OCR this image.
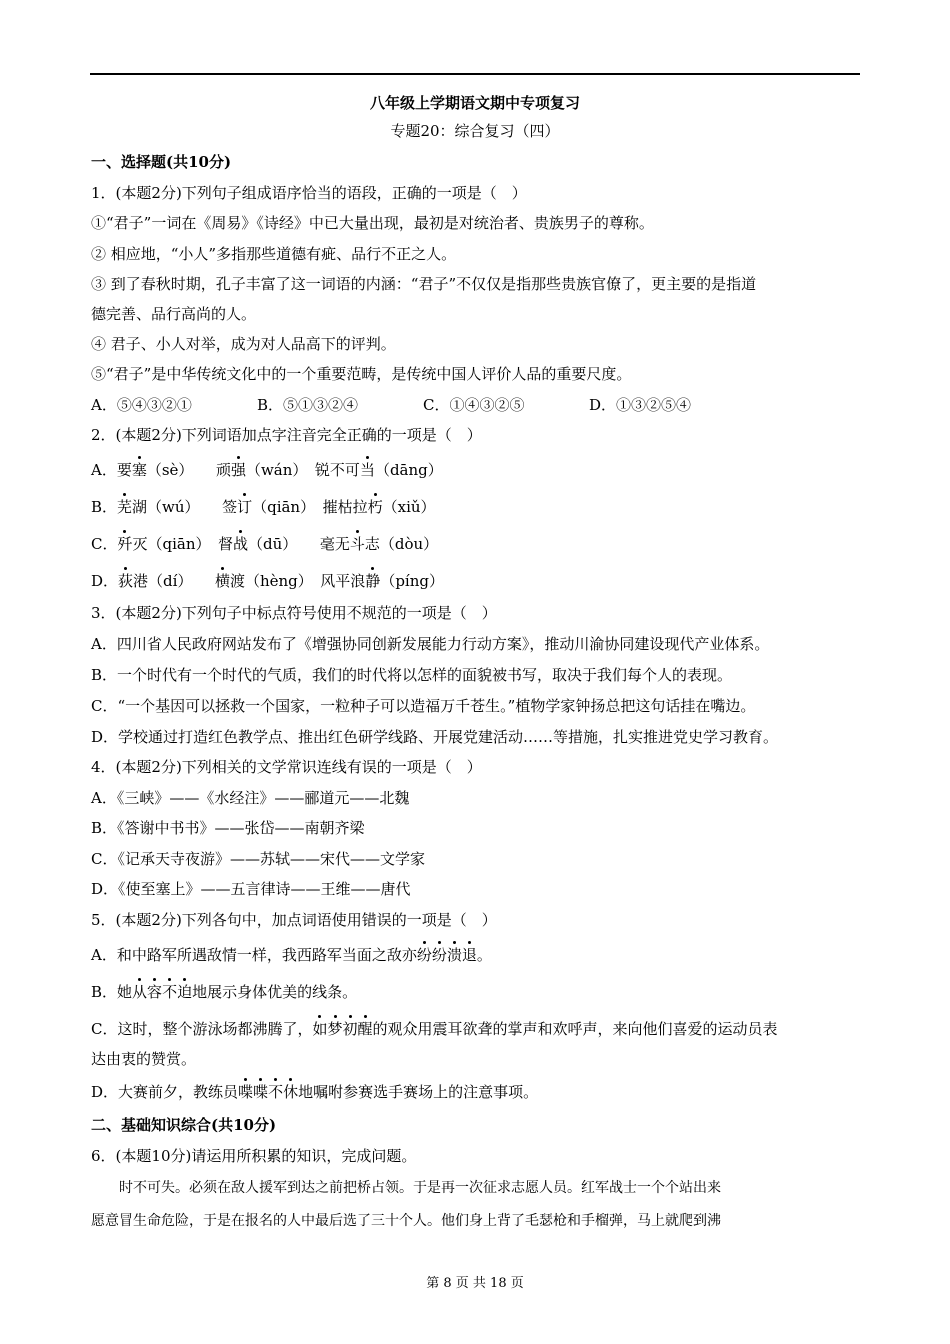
八年级上学期语文期中专项复习
专题20：综合复习（四）
一、选择题(共10分)
1．(本题2分)下列句子组成语序恰当的语段，正确的一项是（　）
①“君子”一词在《周易》《诗经》中已大量出现，最初是对统治者、贵族男子的尊称。
② 相应地，“小人”多指那些道德有疵、品行不正之人。
③ 到了春秋时期，孔子丰富了这一词语的内涵：“君子”不仅仅是指那些贵族官僚了，更主要的是指道
德完善、品行高尚的人。
④ 君子、小人对举，成为对人品高下的评判。
⑤“君子”是中华传统文化中的一个重要范畴，是传统中国人评价人品的重要尺度。
A．⑤④③②①	B．⑤①③②④	C．①④③②⑤	D．①③②⑤④
2．(本题2分)下列词语加点字注音完全正确的一项是（　）
A．要塞（sè）　　顽强（wán）　锐不可当（dāng）
B．芜湖（wú）　　签订（qiān）　摧枯拉朽（xiǔ）
C．歼灭（qiān）　督战（dū）　　毫无斗志（dòu）
D．荻港（dí）　　横渡（hèng）　风平浪静（píng）
3．(本题2分)下列句子中标点符号使用不规范的一项是（　）
A．四川省人民政府网站发布了《增强协同创新发展能力行动方案》，推动川渝协同建设现代产业体系。
B．一个时代有一个时代的气质，我们的时代将以怎样的面貌被书写，取决于我们每个人的表现。
C．“一个基因可以拯救一个国家，一粒种子可以造福万千苍生。”植物学家钟扬总把这句话挂在嘴边。
D．学校通过打造红色教学点、推出红色研学线路、开展党建活动……等措施，扎实推进党史学习教育。
4．(本题2分)下列相关的文学常识连线有误的一项是（　）
A．《三峡》——《水经注》——郦道元——北魏
B．《答谢中书书》——张岱——南朝齐梁
C．《记承天寺夜游》——苏轼——宋代——文学家
D．《使至塞上》——五言律诗——王维——唐代
5．(本题2分)下列各句中，加点词语使用错误的一项是（　）
A．和中路军所遇敌情一样，我西路军当面之敌亦纷纷溃退。
B．她从容不迫地展示身体优美的线条。
C．这时，整个游泳场都沸腾了，如梦初醒的观众用震耳欲聋的掌声和欢呼声，来向他们喜爱的运动员表
达由衷的赞赏。
D．大赛前夕，教练员喋喋不休地嘱咐参赛选手赛场上的注意事项。
二、基础知识综合(共10分)
6．(本题10分)请运用所积累的知识，完成问题。
　　时不可失。必须在敌人援军到达之前把桥占领。于是再一次征求志愿人员。红军战士一个个站出来
愿意冒生命危险，于是在报名的人中最后选了三十个人。他们身上背了毛瑟枪和手榴弹，马上就爬到沸
第 8 页 共 18 页
